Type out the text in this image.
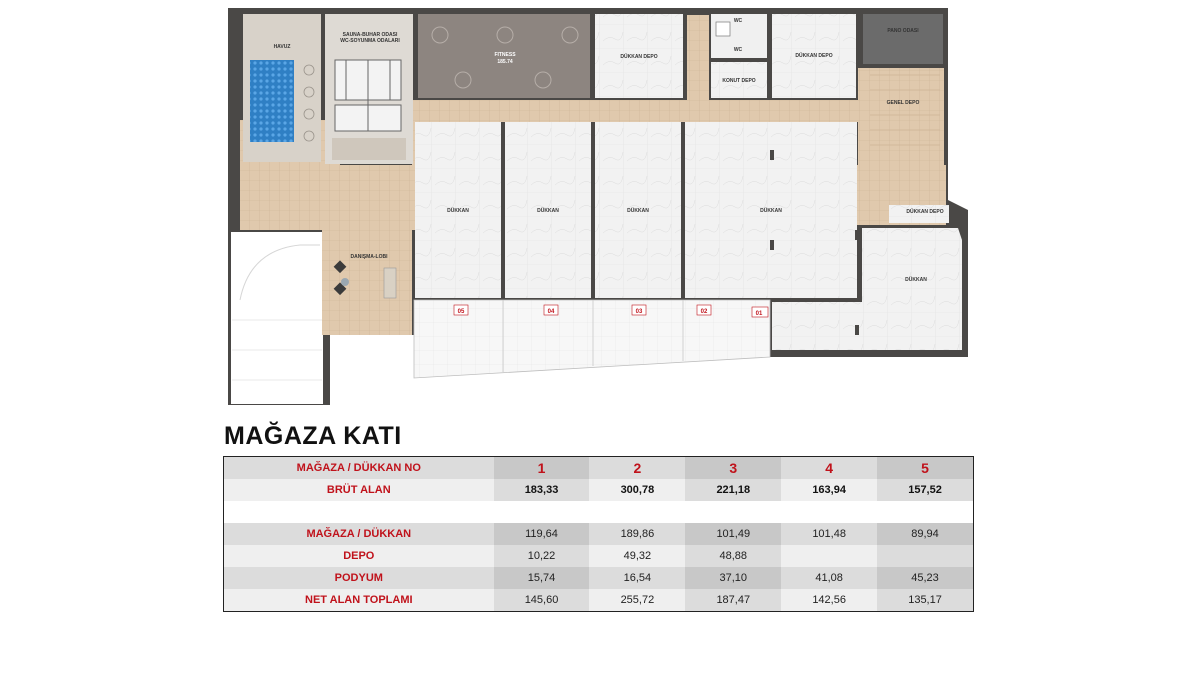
HAVUZ
SAUNA-BUHAR ODASI
WC-SOYUNMA ODALARI
FITNESS
185.74
DÜKKAN DEPO
WC
WC
KONUT DEPO
DÜKKAN DEPO
PANO ODASI
GENEL DEPO
DÜKKAN	DÜKKAN	DÜKKAN	DÜKKAN	DÜKKAN DEPO
DÜKKAN
DANIŞMA-LOBI
05	04	03	02	01
MAĞAZA KATI
MAĞAZA / DÜKKAN NO	1	2	3	4	5
BRÜT ALAN	183,33	300,78	221,18	163,94	157,52

MAĞAZA / DÜKKAN	119,64	189,86	101,49	101,48	89,94
DEPO	10,22	49,32	48,88		
PODYUM	15,74	16,54	37,10	41,08	45,23
NET ALAN TOPLAMI	145,60	255,72	187,47	142,56	135,17
